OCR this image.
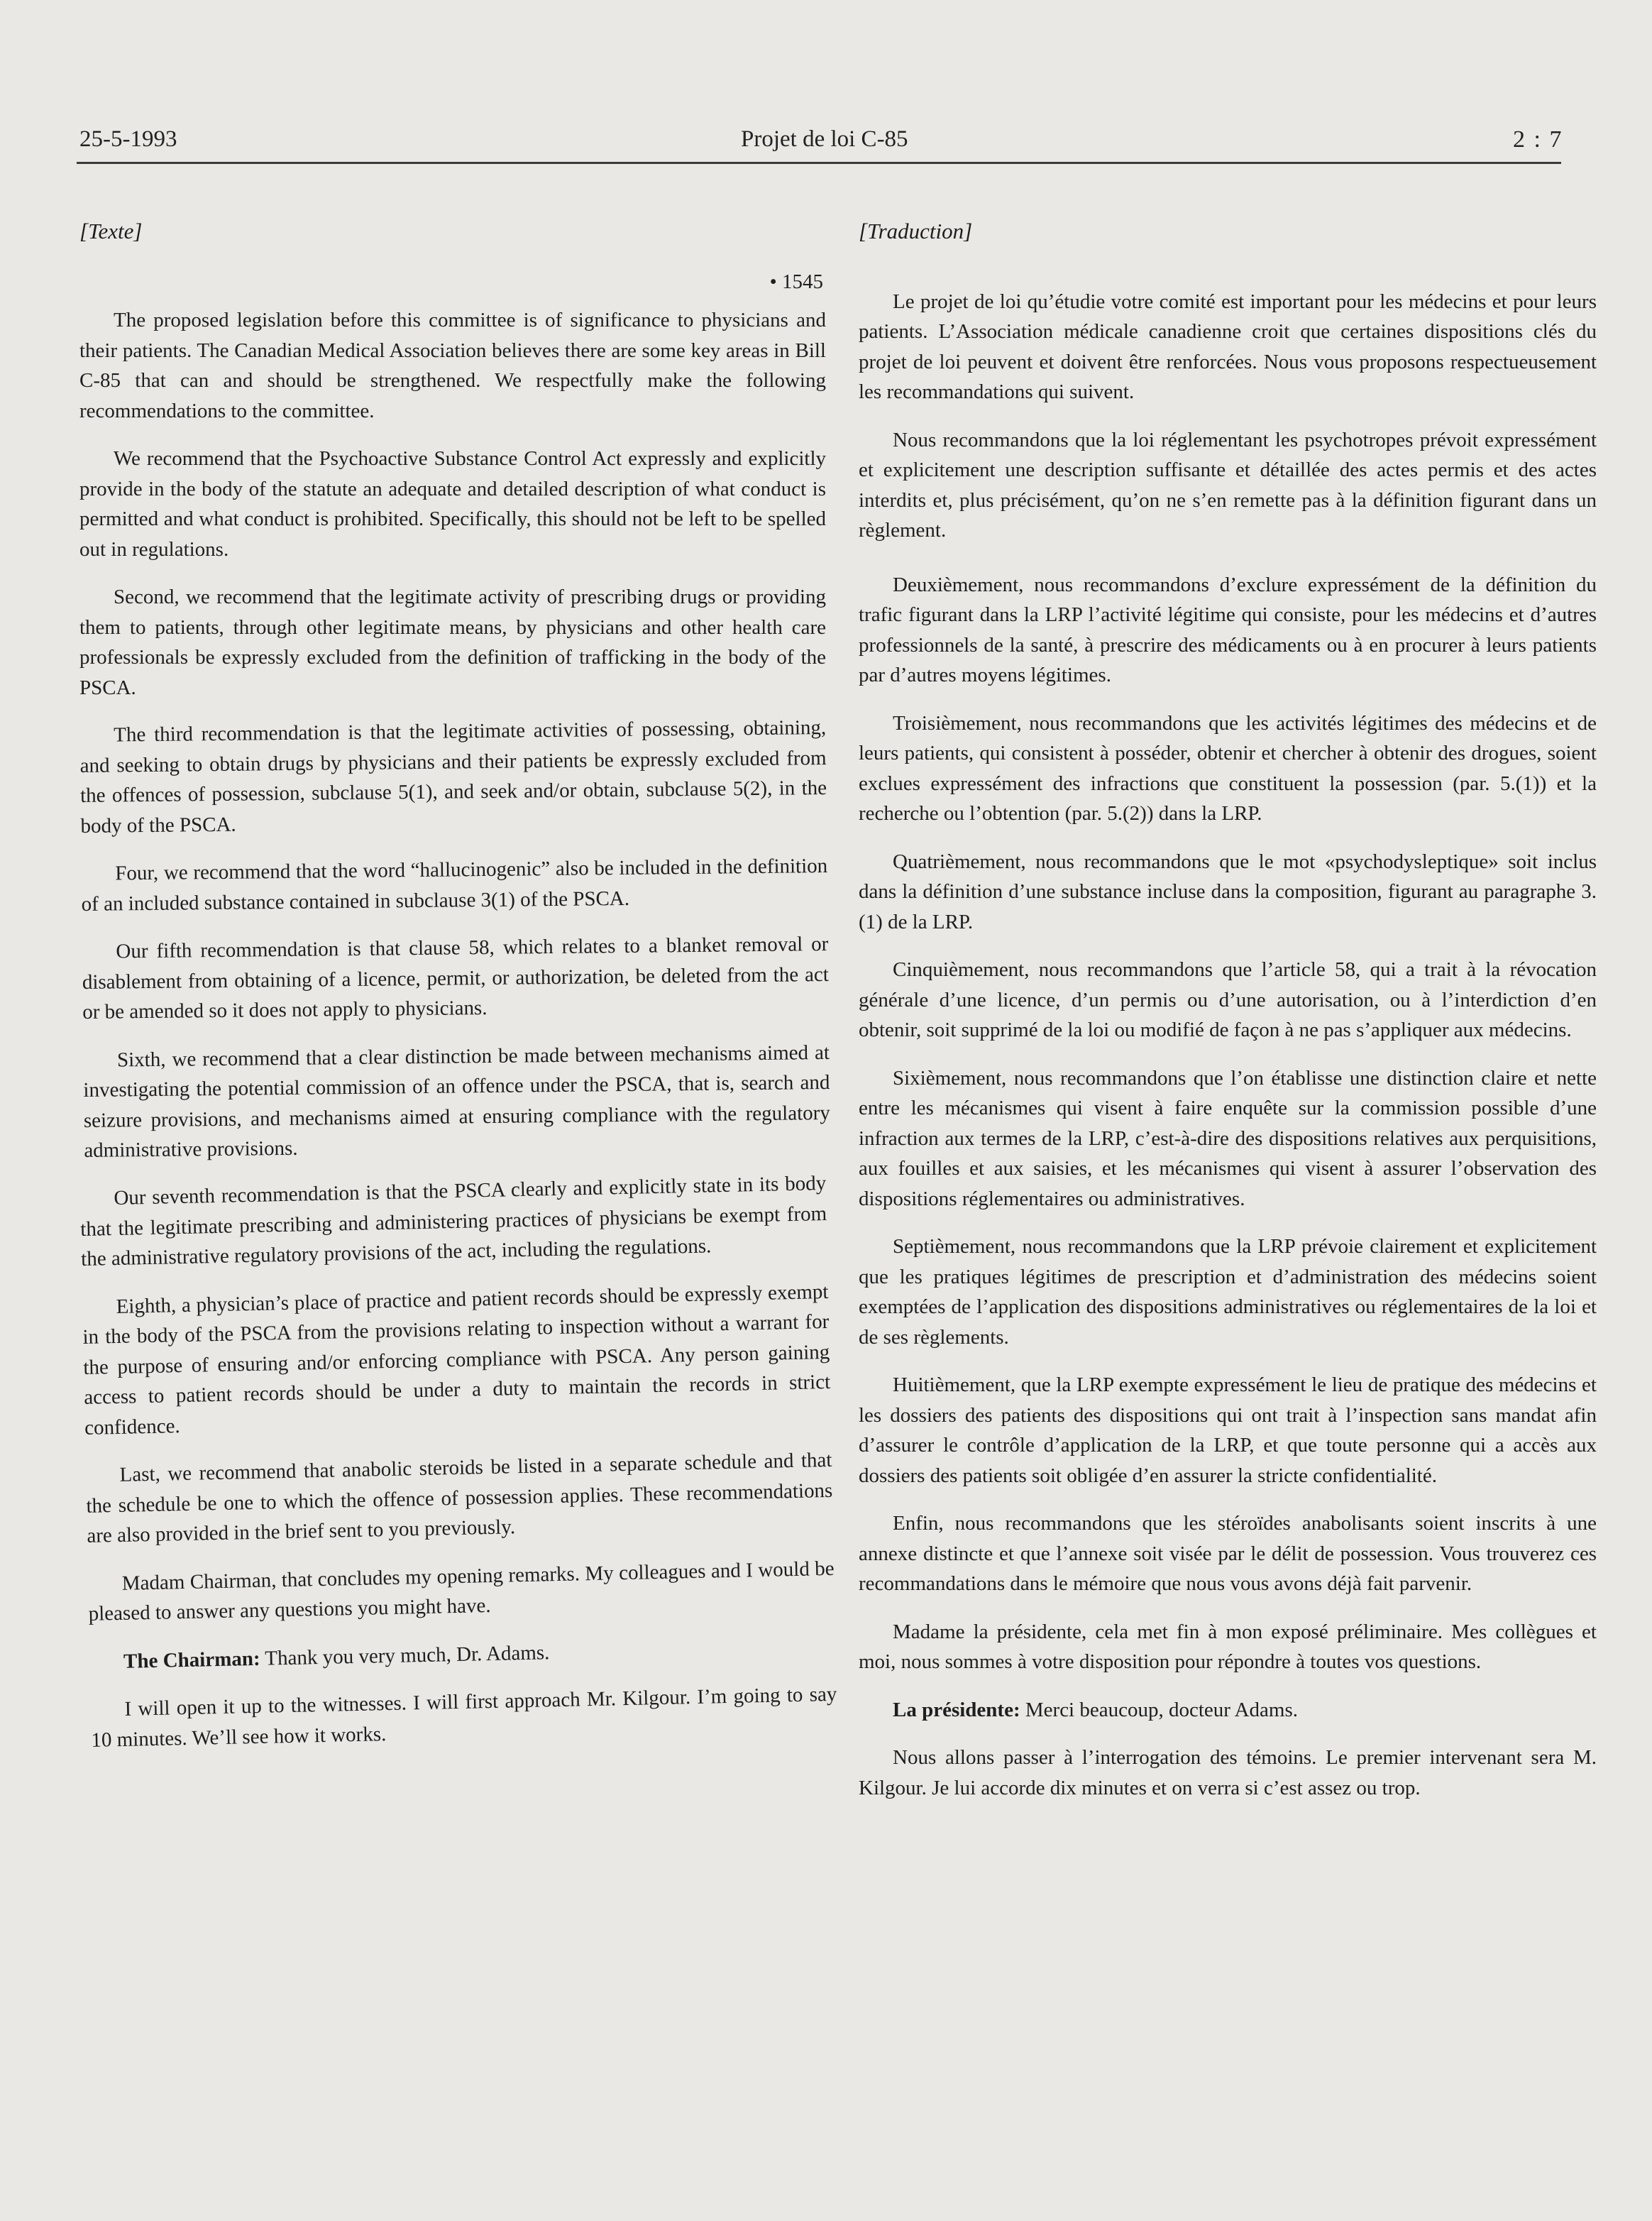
25-5-1993	Projet de loi C-85	2 : 7

[Texte]

• 1545

The proposed legislation before this committee is of significance to physicians and their patients. The Canadian Medical Association believes there are some key areas in Bill C-85 that can and should be strengthened. We respectfully make the following recommendations to the committee.

We recommend that the Psychoactive Substance Control Act expressly and explicitly provide in the body of the statute an adequate and detailed description of what conduct is permitted and what conduct is prohibited. Specifically, this should not be left to be spelled out in regulations.

Second, we recommend that the legitimate activity of prescribing drugs or providing them to patients, through other legitimate means, by physicians and other health care professionals be expressly excluded from the definition of trafficking in the body of the PSCA.

The third recommendation is that the legitimate activities of possessing, obtaining, and seeking to obtain drugs by physicians and their patients be expressly excluded from the offences of possession, subclause 5(1), and seek and/or obtain, subclause 5(2), in the body of the PSCA.

Four, we recommend that the word “hallucinogenic” also be included in the definition of an included substance contained in subclause 3(1) of the PSCA.

Our fifth recommendation is that clause 58, which relates to a blanket removal or disablement from obtaining of a licence, permit, or authorization, be deleted from the act or be amended so it does not apply to physicians.

Sixth, we recommend that a clear distinction be made between mechanisms aimed at investigating the potential commission of an offence under the PSCA, that is, search and seizure provisions, and mechanisms aimed at ensuring compliance with the regulatory administrative provisions.

Our seventh recommendation is that the PSCA clearly and explicitly state in its body that the legitimate prescribing and administering practices of physicians be exempt from the administrative regulatory provisions of the act, including the regulations.

Eighth, a physician’s place of practice and patient records should be expressly exempt in the body of the PSCA from the provisions relating to inspection without a warrant for the purpose of ensuring and/or enforcing compliance with PSCA. Any person gaining access to patient records should be under a duty to maintain the records in strict confidence.

Last, we recommend that anabolic steroids be listed in a separate schedule and that the schedule be one to which the offence of possession applies. These recommendations are also provided in the brief sent to you previously.

Madam Chairman, that concludes my opening remarks. My colleagues and I would be pleased to answer any questions you might have.

The Chairman: Thank you very much, Dr. Adams.

I will open it up to the witnesses. I will first approach Mr. Kilgour. I’m going to say 10 minutes. We’ll see how it works.

[Traduction]

Le projet de loi qu’étudie votre comité est important pour les médecins et pour leurs patients. L’Association médicale canadienne croit que certaines dispositions clés du projet de loi peuvent et doivent être renforcées. Nous vous proposons respectueusement les recommandations qui suivent.

Nous recommandons que la loi réglementant les psychotropes prévoit expressément et explicitement une description suffisante et détaillée des actes permis et des actes interdits et, plus précisément, qu’on ne s’en remette pas à la définition figurant dans un règlement.

Deuxièmement, nous recommandons d’exclure expressément de la définition du trafic figurant dans la LRP l’activité légitime qui consiste, pour les médecins et d’autres professionnels de la santé, à prescrire des médicaments ou à en procurer à leurs patients par d’autres moyens légitimes.

Troisièmement, nous recommandons que les activités légitimes des médecins et de leurs patients, qui consistent à posséder, obtenir et chercher à obtenir des drogues, soient exclues expressément des infractions que constituent la possession (par. 5.(1)) et la recherche ou l’obtention (par. 5.(2)) dans la LRP.

Quatrièmement, nous recommandons que le mot «psychodysleptique» soit inclus dans la définition d’une substance incluse dans la composition, figurant au paragraphe 3.(1) de la LRP.

Cinquièmement, nous recommandons que l’article 58, qui a trait à la révocation générale d’une licence, d’un permis ou d’une autorisation, ou à l’interdiction d’en obtenir, soit supprimé de la loi ou modifié de façon à ne pas s’appliquer aux médecins.

Sixièmement, nous recommandons que l’on établisse une distinction claire et nette entre les mécanismes qui visent à faire enquête sur la commission possible d’une infraction aux termes de la LRP, c’est-à-dire des dispositions relatives aux perquisitions, aux fouilles et aux saisies, et les mécanismes qui visent à assurer l’observation des dispositions réglementaires ou administratives.

Septièmement, nous recommandons que la LRP prévoie clairement et explicitement que les pratiques légitimes de prescription et d’administration des médecins soient exemptées de l’application des dispositions administratives ou réglementaires de la loi et de ses règlements.

Huitièmement, que la LRP exempte expressément le lieu de pratique des médecins et les dossiers des patients des dispositions qui ont trait à l’inspection sans mandat afin d’assurer le contrôle d’application de la LRP, et que toute personne qui a accès aux dossiers des patients soit obligée d’en assurer la stricte confidentialité.

Enfin, nous recommandons que les stéroïdes anabolisants soient inscrits à une annexe distincte et que l’annexe soit visée par le délit de possession. Vous trouverez ces recommandations dans le mémoire que nous vous avons déjà fait parvenir.

Madame la présidente, cela met fin à mon exposé préliminaire. Mes collègues et moi, nous sommes à votre disposition pour répondre à toutes vos questions.

La présidente: Merci beaucoup, docteur Adams.

Nous allons passer à l’interrogation des témoins. Le premier intervenant sera M. Kilgour. Je lui accorde dix minutes et on verra si c’est assez ou trop.
